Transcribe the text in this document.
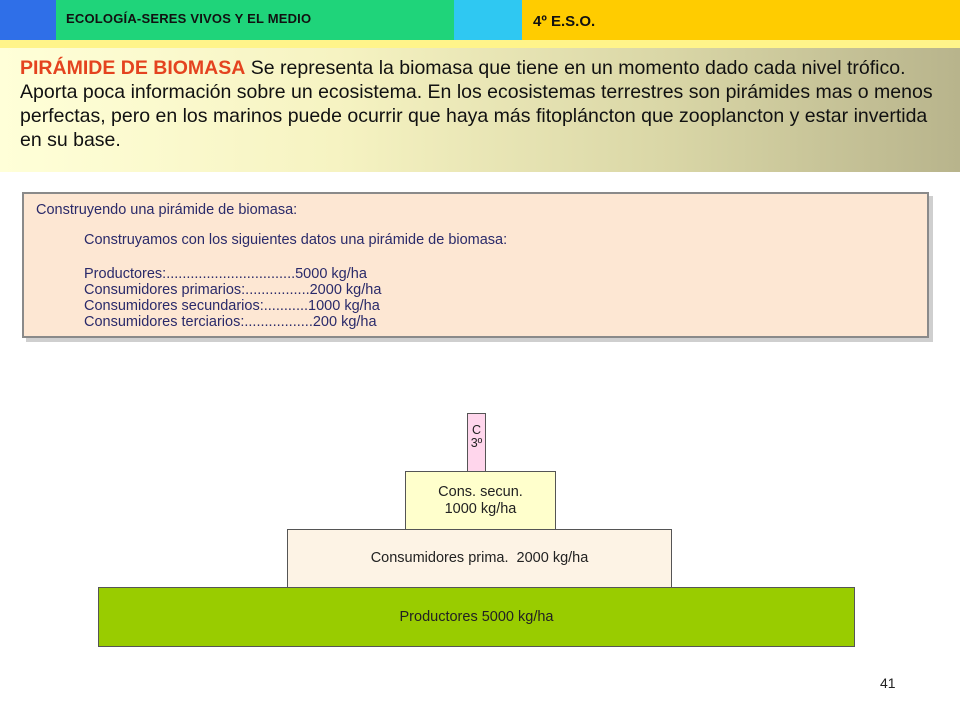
ECOLOGÍA-SERES VIVOS Y EL MEDIO	4º E.S.O.
PIRÁMIDE DE BIOMASA Se representa la biomasa que tiene en un momento dado cada nivel trófico. Aporta poca información sobre un ecosistema. En los ecosistemas terrestres son pirámides mas o menos perfectas, pero en los marinos puede ocurrir que haya más fitopláncton que zooplancton y estar invertida en su base.
Construyendo una pirámide de biomasa:
Construyamos con los siguientes datos una pirámide de biomasa:
Productores:................................5000 kg/ha
Consumidores primarios:................2000 kg/ha
Consumidores secundarios:...........1000 kg/ha
Consumidores terciarios:.................200 kg/ha
Productores 5000 kg/ha
Consumidores prima.  2000 kg/ha
Cons. secun.
1000 kg/ha
C
3º
41
